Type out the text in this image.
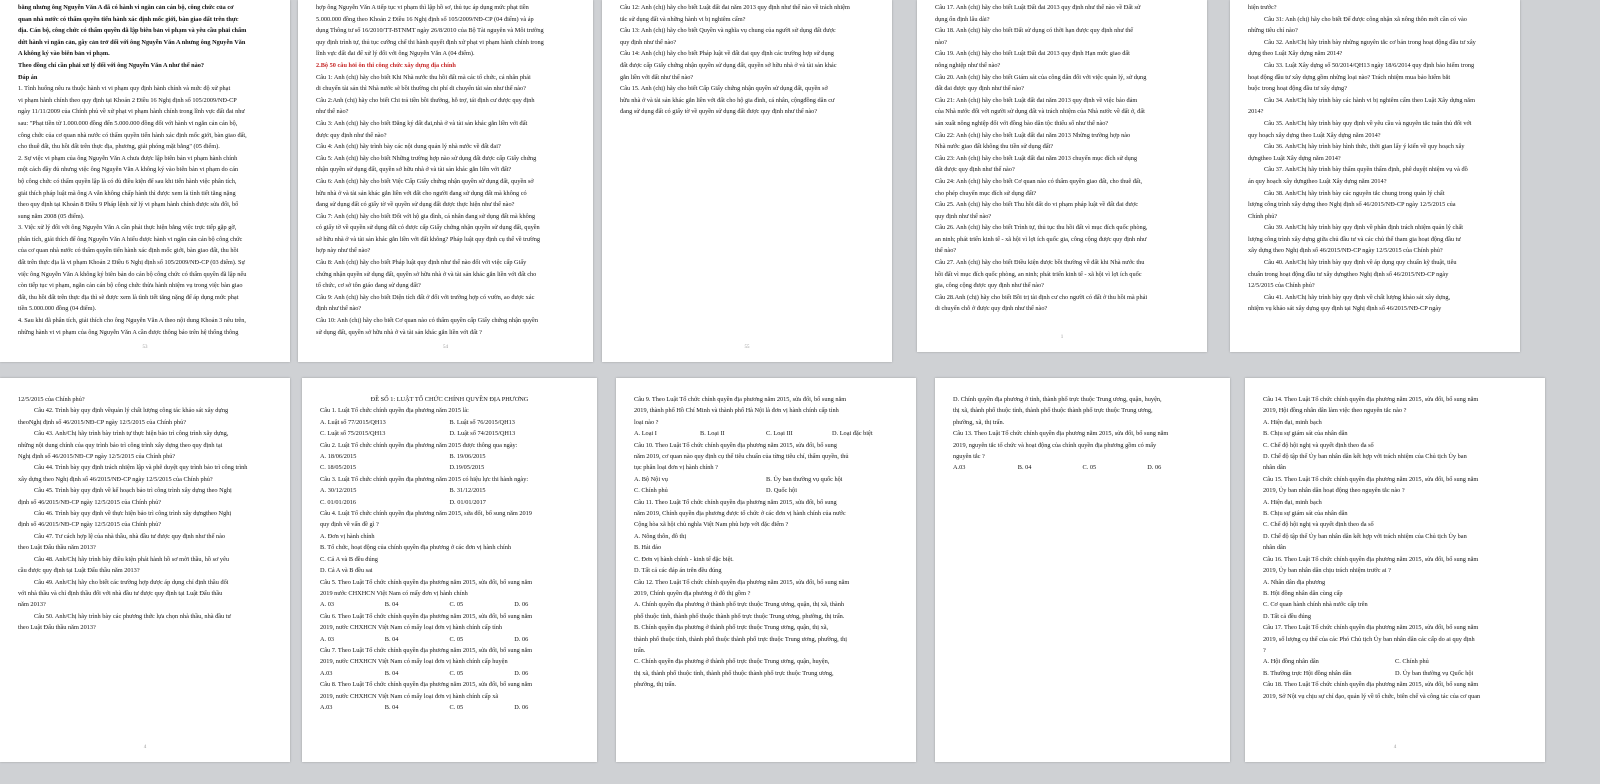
bằng nhưng ông Nguyễn Văn A đã có hành vi ngăn cản cán bộ, công chức của cơ
quan nhà nước có thẩm quyền tiến hành xác định mốc giới, bàn giao đất trên thực
địa. Cán bộ, công chức có thẩm quyền đã lập biên bản vi phạm và yêu cầu phải chấm
dứt hành vi ngăn cản, gây cản trở đối với ông Nguyễn Văn A nhưng ông Nguyễn Văn
A không ký vào biên bản vi phạm.
Theo đồng chí cần phải xử lý đối với ông Nguyễn Văn A như thế nào?
Đáp án
1. Tình huống nêu ra thuộc hành vi vi phạm quy định hành chính và mức độ xử phạt
vi phạm hành chính theo quy định tại Khoản 2 Điều 16 Nghị định số 105/2009/NĐ-CP
ngày 11/11/2009 của Chính phủ về xử phạt vi phạm hành chính trong lĩnh vực đất đai như
sau: "Phạt tiền từ 1.000.000 đồng đến 5.000.000 đồng đối với hành vi ngăn cản cán bộ,
công chức của cơ quan nhà nước có thẩm quyền tiến hành xác định mốc giới, bàn giao đất,
cho thuê đất, thu hồi đất trên thực địa, phương, giải phóng mặt bằng" (05 điểm).
2. Sự việc vi phạm của ông Nguyễn Văn A chưa được lập biên bản vi phạm hành chính
một cách đầy đủ nhưng việc ông Nguyễn Văn A không ký vào biên bản vi phạm do cán
bộ công chức có thẩm quyền lập là có đủ điều kiện để sau khi tiến hành việc phân tích,
giải thích pháp luật mà ông A vẫn không chấp hành thì được xem là tình tiết tăng nặng
theo quy định tại Khoản 8 Điều 9 Pháp lệnh xử lý vi phạm hành chính được sửa đổi, bổ
sung năm 2008 (05 điểm).
3. Việc xử lý đối với ông Nguyễn Văn A cần phải thực hiện bằng việc trực tiếp gặp gỡ,
phân tích, giải thích để ông Nguyễn Văn A hiểu được hành vi ngăn cản cán bộ công chức
của cơ quan nhà nước có thẩm quyền tiến hành xác định mốc giới, bàn giao đất, thu hồi
đất trên thực địa là vi phạm Khoản 2 Điều 6 Nghị định số 105/2009/NĐ-CP (03 điểm). Sự
việc ông Nguyễn Văn A không ký biên bản do cán bộ công chức có thẩm quyền đã lập nếu
còn tiếp tục vi phạm, ngăn cản cán bộ công chức thừa hành nhiệm vụ trong việc bàn giao
đất, thu hồi đất trên thực địa thì sẽ được xem là tình tiết tăng nặng để áp dụng mức phạt
tiền 5.000.000 đồng (04 điểm).
4. Sau khi đã phân tích, giải thích cho ông Nguyễn Văn A theo nội dung Khoản 3 nêu trên,
những hành vi vi phạm của ông Nguyễn Văn A cần được thông báo trên hệ thống thông
53
hợp ông Nguyễn Văn A tiếp tục vi phạm thì lập hồ sơ, thủ tục áp dụng mức phạt tiền
5.000.000 đồng theo Khoản 2 Điều 16 Nghị định số 105/2009/NĐ-CP (04 điểm) và áp
dụng Thông tư số 16/2010/TT-BTNMT ngày 26/8/2010 của Bộ Tài nguyên và Môi trường
quy định trình tự, thủ tục cưỡng chế thi hành quyết định xử phạt vi phạm hành chính trong
lĩnh vực đất đai để xử lý đối với ông Nguyễn Văn A (04 điểm).
2.Bộ 50 câu hỏi ôn thi công chức xây dựng địa chính
Câu 1: Anh (chị) hãy cho biết Khi Nhà nước thu hồi đất mà các tổ chức, cá nhân phải
di chuyển tài sản thì Nhà nước sẽ bồi thường chi phí di chuyển tài sản như thế nào?
Câu 2:Anh (chị) hãy cho biết Chi trả tiền bồi thường, hỗ trợ, tái định cư được quy định
như thế nào?
Câu 3: Anh (chị) hãy cho biết Đăng ký đất đai,nhà ở và tài sản khác gắn liền với đất
được quy định như thế nào?
Câu 4: Anh (chị) hãy trình bày các nội dung quản lý nhà nước về đất đai?
Câu 5: Anh (chị) hãy cho biết Những trường hợp nào sử dụng đất được cấp Giấy chứng
nhận quyền sử dụng đất, quyền sở hữu nhà ở và tài sản khác gắn liền với đất?
Câu 6: Anh (chị) hãy cho biết Việc Cấp Giấy chứng nhận quyền sử dụng đất, quyền sở
hữu nhà ở và tài sản khác gắn liền với đất cho người đang sử dụng đất mà không có
đang sử dụng đất có giấy tờ về quyền sử dụng đất được thực hiện như thế nào?
Câu 7: Anh (chị) hãy cho biết Đối với hộ gia đình, cá nhân đang sử dụng đất mà không
có giấy tờ về quyền sử dụng đất có được cấp Giấy chứng nhận quyền sử dụng đất, quyền
sở hữu nhà ở và tài sản khác gắn liền với đất không? Pháp luật quy định cụ thể về trường
hợp này như thế nào?
Câu 8: Anh (chị) hãy cho biết Pháp luật quy định như thế nào đối với việc cấp Giấy
chứng nhận quyền sử dụng đất, quyền sở hữu nhà ở và tài sản khác gắn liền với đất cho
tổ chức, cơ sở tôn giáo đang sử dụng đất?
Câu 9: Anh (chị) hãy cho biết Diện tích đất ở đối với trường hợp có vườn, ao được xác
định như thế nào?
Câu 10: Anh (chị) hãy cho biết Cơ quan nào có thẩm quyền cấp Giấy chứng nhận quyền
sử dụng đất, quyền sở hữu nhà ở và tài sản khác gắn liền với đất ?
54
Câu 12: Anh (chị) hãy cho biết Luật đất đai năm 2013 quy định như thế nào về trách nhiệm
tắc sử dụng đất và những hành vi bị nghiêm cấm?
Câu 13: Anh (chị) hãy cho biết Quyền và nghĩa vụ chung của người sử dụng đất được
quy định như thế nào?
Câu 14: Anh (chị) hãy cho biết Pháp luật về đất đai quy định các trường hợp sử dụng
đất được cấp Giấy chứng nhận quyền sử dụng đất, quyền sở hữu nhà ở và tài sản khác
gắn liền với đất như thế nào?
Câu 15. Anh (chị) hãy cho biết Cấp Giấy chứng nhận quyền sử dụng đất, quyền sở
hữu nhà ở và tài sản khác gắn liền với đất cho hộ gia đình, cá nhân, cộngđồng dân cư
đang sử dụng đất có giấy tờ về quyền sử dụng đất được quy định như thế nào?
55
Câu 17. Anh (chị) hãy cho biết Luật Đất đai 2013 quy định như thế nào về Đất sử
dụng ổn định lâu dài?
Câu 18. Anh (chị) hãy cho biết Đất sử dụng có thời hạn được quy định như thế
nào?
Câu 19. Anh (chị) hãy cho biết Luật Đất đai 2013 quy định Hạn mức giao đất
nông nghiệp như thế nào?
Câu 20. Anh (chị) hãy cho biết Giám sát của công dân đối với việc quản lý, sử dụng
đất đai được quy định như thế nào?
Câu 21: Anh (chị) hãy cho biết Luật đất đai năm 2013 quy định về việc bảo đảm
của Nhà nước đối với người sử dụng đất và trách nhiệm của Nhà nước về đất ở, đất
sản xuất nông nghiệp đối với đồng bào dân tộc thiểu số như thế nào?
Câu 22: Anh (chị) hãy cho biết Luật đất đai năm 2013 Những trường hợp nào
Nhà nước giao đất không thu tiền sử dụng đất?
Câu 23: Anh (chị) hãy cho biết Luật đất đai năm 2013 chuyển mục đích sử dụng
đất được quy định như thế nào?
Câu 24: Anh (chị) hãy cho biết Cơ quan nào có thẩm quyền giao đất, cho thuê đất,
cho phép chuyển mục đích sử dụng đất?
Câu 25. Anh (chị) hãy cho biết Thu hồi đất do vi phạm pháp luật về đất đai được
quy định như thế nào?
Câu 26. Anh (chị) hãy cho biết Trình tự, thủ tục thu hồi đất vì mục đích quốc phòng,
an ninh; phát triển kinh tế - xã hội vì lợi ích quốc gia, công cộng được quy định như
thế nào?
Câu 27. Anh (chị) hãy cho biết Điều kiện được bồi thường về đất khi Nhà nước thu
hồi đất vì mục đích quốc phòng, an ninh; phát triển kinh tế - xã hội vì lợi ích quốc
gia, công cộng được quy định như thế nào?
Câu 28.Anh (chị) hãy cho biết Bồi trị tài định cư cho người có đất ở thu hồi mà phải
di chuyển chỗ ở được quy định như thế nào?
1
hiện trước?
Câu 31: Anh (chị) hãy cho biết Để được công nhận xã nông thôn mới cần có vào
những tiêu chí nào?
Câu 32. Anh/Chị hãy trình bày những nguyên tắc cơ bản trong hoạt động đầu tư xây
dựng theo Luật Xây dựng năm 2014?
Câu 33. Luật Xây dựng số 50/2014/QH13 ngày 18/6/2014 quy định bảo hiểm trong
hoạt động đầu tư xây dựng gồm những loại nào? Trách nhiệm mua bảo hiểm bắt
buộc trong hoạt động đầu tư xây dựng?
Câu 34. Anh/Chị hãy trình bày các hành vi bị nghiêm cấm theo Luật Xây dựng năm
2014?
Câu 35. Anh/Chị hãy trình bày quy định về yêu cầu và nguyên tắc tuân thủ đối với
quy hoạch xây dựng theo Luật Xây dựng năm 2014?
Câu 36. Anh/Chị hãy trình bày hình thức, thời gian lấy ý kiến về quy hoạch xây
dựngtheo Luật Xây dựng năm 2014?
Câu 37. Anh/Chị hãy trình bày thẩm quyền thẩm định, phê duyệt nhiệm vụ và đồ
án quy hoạch xây dựngtheo Luật Xây dựng năm 2014?
Câu 38. Anh/Chị hãy trình bày các nguyên tắc chung trong quản lý chất
lượng công trình xây dựng theo Nghị định số 46/2015/NĐ-CP ngày 12/5/2015 của
Chính phủ?
Câu 39. Anh/Chị hãy trình bày quy định về phân định trách nhiệm quản lý chất
lượng công trình xây dựng giữa chủ đầu tư và các chủ thể tham gia hoạt động đầu tư
xây dựng theo Nghị định số 46/2015/NĐ-CP ngày 12/5/2015 của Chính phủ?
Câu 40. Anh/Chị hãy trình bày quy định về áp dụng quy chuẩn kỹ thuật, tiêu
chuẩn trong hoạt động đầu tư xây dựngtheo Nghị định số 46/2015/NĐ-CP ngày
12/5/2015 của Chính phủ?
Câu 41. Anh/Chị hãy trình bày quy định về chất lượng khảo sát xây dựng,
nhiệm vụ khảo sát xây dựng quy định tại Nghị định số 46/2015/NĐ-CP ngày
12/5/2015 của Chính phủ?
Câu 42. Trình bày quy định vềquản lý chất lượng công tác khảo sát xây dựng
theoNghị định số 46/2015/NĐ-CP ngày 12/5/2015 của Chính phủ?
Câu 43. Anh/Chị hãy trình bày trình tự thực hiện bảo trì công trình xây dựng,
những nội dung chính của quy trình bảo trì công trình xây dựng theo quy định tại
Nghị định số 46/2015/NĐ-CP ngày 12/5/2015 của Chính phủ?
Câu 44. Trình bày quy định trách nhiệm lập và phê duyệt quy trình bảo trì công trình
xây dựng theo Nghị định số 46/2015/NĐ-CP ngày 12/5/2015 của Chính phủ?
Câu 45. Trình bày quy định về kế hoạch bảo trì công trình xây dựng theo Nghị
định số 46/2015/NĐ-CP ngày 12/5/2015 của Chính phủ?
Câu 46. Trình bày quy định về thực hiện bảo trì công trình xây dựngtheo Nghị
định số 46/2015/NĐ-CP ngày 12/5/2015 của Chính phủ?
Câu 47. Tư cách hợp lệ của nhà thầu, nhà đầu tư được quy định như thế nào
theo Luật Đấu thầu năm 2013?
Câu 48. Anh/Chị hãy trình bày điều kiện phát hành hồ sơ mời thầu, hồ sơ yêu
cầu được quy định tại Luật Đấu thầu năm 2013?
Câu 49. Anh/Chị hãy cho biết các trường hợp được áp dụng chỉ định thầu đối
với nhà thầu và chỉ định thầu đối với nhà đầu tư được quy định tại Luật Đấu thầu
năm 2013?
Câu 50. Anh/Chị hãy trình bày các phương thức lựa chọn nhà thầu, nhà đầu tư
theo Luật Đấu thầu năm 2013?
4
ĐỀ SỐ 1: LUẬT TỔ CHỨC CHÍNH QUYỀN ĐỊA PHƯƠNG
Câu 1. Luật Tổ chức chính quyền địa phương năm 2015 là:
A. Luật số 77/2015/QH13	B. Luật số 76/2015/QH13
C. Luật số 75/2015/QH13	D. Luật số 74/2015/QH13
Câu 2. Luật Tổ chức chính quyền địa phương năm 2015 được thông qua ngày:
A. 18/06/2015	B. 19/06/2015
C. 18/05/2015	D.19/05/2015
Câu 3. Luật Tổ chức chính quyền địa phương năm 2015 có hiệu lực thi hành ngày:
A. 30/12/2015	B. 31/12/2015
C. 01/01/2016	D. 01/01/2017
Câu 4. Luật Tổ chức chính quyền địa phương năm 2015, sửa đổi, bổ sung năm 2019
quy định về vấn đề gì ?
A. Đơn vị hành chính
B. Tổ chức, hoạt động của chính quyền địa phương ở các đơn vị hành chính
C. Cả A và B đều đúng
D. Cả A và B đều sai
Câu 5. Theo Luật Tổ chức chính quyền địa phương năm 2015, sửa đổi, bổ sung năm
2019 nước CHXHCN Việt Nam có mấy đơn vị hành chính
A. 03	B. 04	C. 05	D. 06
Câu 6. Theo Luật Tổ chức chính quyền địa phương năm 2015, sửa đổi, bổ sung năm
2019, nước CHXHCN Việt Nam có mấy loại đơn vị hành chính cấp tỉnh
A. 03	B. 04	C. 05	D. 06
Câu 7. Theo Luật Tổ chức chính quyền địa phương năm 2015, sửa đổi, bổ sung năm
2019, nước CHXHCN Việt Nam có mấy loại đơn vị hành chính cấp huyện
A.03	B. 04	C. 05	D. 06
Câu 8. Theo Luật Tổ chức chính quyền địa phương năm 2015, sửa đổi, bổ sung năm
2019, nước CHXHCN Việt Nam có mấy loại đơn vị hành chính cấp xã
A.03	B. 04	C. 05	D. 06
Câu 9. Theo Luật Tổ chức chính quyền địa phương năm 2015, sửa đổi, bổ sung năm
2019, thành phố Hồ Chí Minh và thành phố Hà Nội là đơn vị hành chính cấp tỉnh
loại nào ?
A. Loại I	B. Loại II	C. Loại III	D. Loại đặc biệt
Câu 10. Theo Luật Tổ chức chính quyền địa phương năm 2015, sửa đổi, bổ sung
năm 2019, cơ quan nào quy định cụ thể tiêu chuẩn của từng tiêu chí, thẩm quyền, thủ
tục phân loại đơn vị hành chính ?
A. Bộ Nội vụ	B. Ủy ban thường vụ quốc hội
C. Chính phủ	D. Quốc hội
Câu 11. Theo Luật Tổ chức chính quyền địa phương năm 2015, sửa đổi, bổ sung
năm 2019, Chính quyền địa phương được tổ chức ở các đơn vị hành chính của nước
Cộng hòa xã hội chủ nghĩa Việt Nam phù hợp với đặc điểm ?
A. Nông thôn, đô thị
B. Hải đảo
C. Đơn vị hành chính - kinh tế đặc biệt.
D. Tất cả các đáp án trên đều đúng
Câu 12. Theo Luật Tổ chức chính quyền địa phương năm 2015, sửa đổi, bổ sung năm
2019, Chính quyền địa phương ở đô thị gồm ?
A. Chính quyền địa phương ở thành phố trực thuộc Trung ương, quận, thị xã, thành
phố thuộc tỉnh, thành phố thuộc thành phố trực thuộc Trung ương, phường, thị trấn.
B. Chính quyền địa phương ở thành phố trực thuộc Trung ương, quận, thị xã,
thành phố thuộc tỉnh, thành phố thuộc thành phố trực thuộc Trung ương, phường, thị
trấn.
C. Chính quyền địa phương ở thành phố trực thuộc Trung ương, quận, huyện,
thị xã, thành phố thuộc tỉnh, thành phố thuộc thành phố trực thuộc Trung ương,
phường, thị trấn.
D. Chính quyền địa phương ở tỉnh, thành phố trực thuộc Trung ương, quận, huyện,
thị xã, thành phố thuộc tỉnh, thành phố thuộc thành phố trực thuộc Trung ương,
phường, xã, thị trấn.
Câu 13. Theo Luật Tổ chức chính quyền địa phương năm 2015, sửa đổi, bổ sung năm
2019, nguyên tắc tổ chức và hoạt động của chính quyền địa phương gồm có mấy
nguyên tắc ?
A.03	B. 04	C. 05	D. 06
Câu 14. Theo Luật Tổ chức chính quyền địa phương năm 2015, sửa đổi, bổ sung năm
2019, Hội đồng nhân dân làm việc theo nguyên tắc nào ?
A. Hiện đại, minh bạch
B. Chịu sự giám sát của nhân dân
C. Chế độ hội nghị và quyết định theo đa số
D. Chế độ tập thể Ủy ban nhân dân kết hợp với trách nhiệm của Chủ tịch Ủy ban
nhân dân
Câu 15. Theo Luật Tổ chức chính quyền địa phương năm 2015, sửa đổi, bổ sung năm
2019, Ủy ban nhân dân hoạt động theo nguyên tắc nào ?
A. Hiện đại, minh bạch
B. Chịu sự giám sát của nhân dân
C. Chế độ hội nghị và quyết định theo đa số
D. Chế độ tập thể Ủy ban nhân dân kết hợp với trách nhiệm của Chủ tịch Ủy ban
nhân dân
Câu 16. Theo Luật Tổ chức chính quyền địa phương năm 2015, sửa đổi, bổ sung năm
2019, Ủy ban nhân dân chịu trách nhiệm trước ai ?
A. Nhân dân địa phương
B. Hội đồng nhân dân cùng cấp
C. Cơ quan hành chính nhà nước cấp trên
D. Tất cả đều đúng
Câu 17. Theo Luật Tổ chức chính quyền địa phương năm 2015, sửa đổi, bổ sung năm
2019, số lượng cụ thể của các Phó Chủ tịch Ủy ban nhân dân các cấp do ai quy định
?
A. Hội đồng nhân dân	C. Chính phủ
B. Thường trực Hội đồng nhân dân	D. Ủy ban thường vụ Quốc hội
Câu 18. Theo Luật Tổ chức chính quyền địa phương năm 2015, sửa đổi, bổ sung năm
2019, Sở Nội vụ chịu sự chỉ đạo, quản lý về tổ chức, biên chế và công tác của cơ quan
4
